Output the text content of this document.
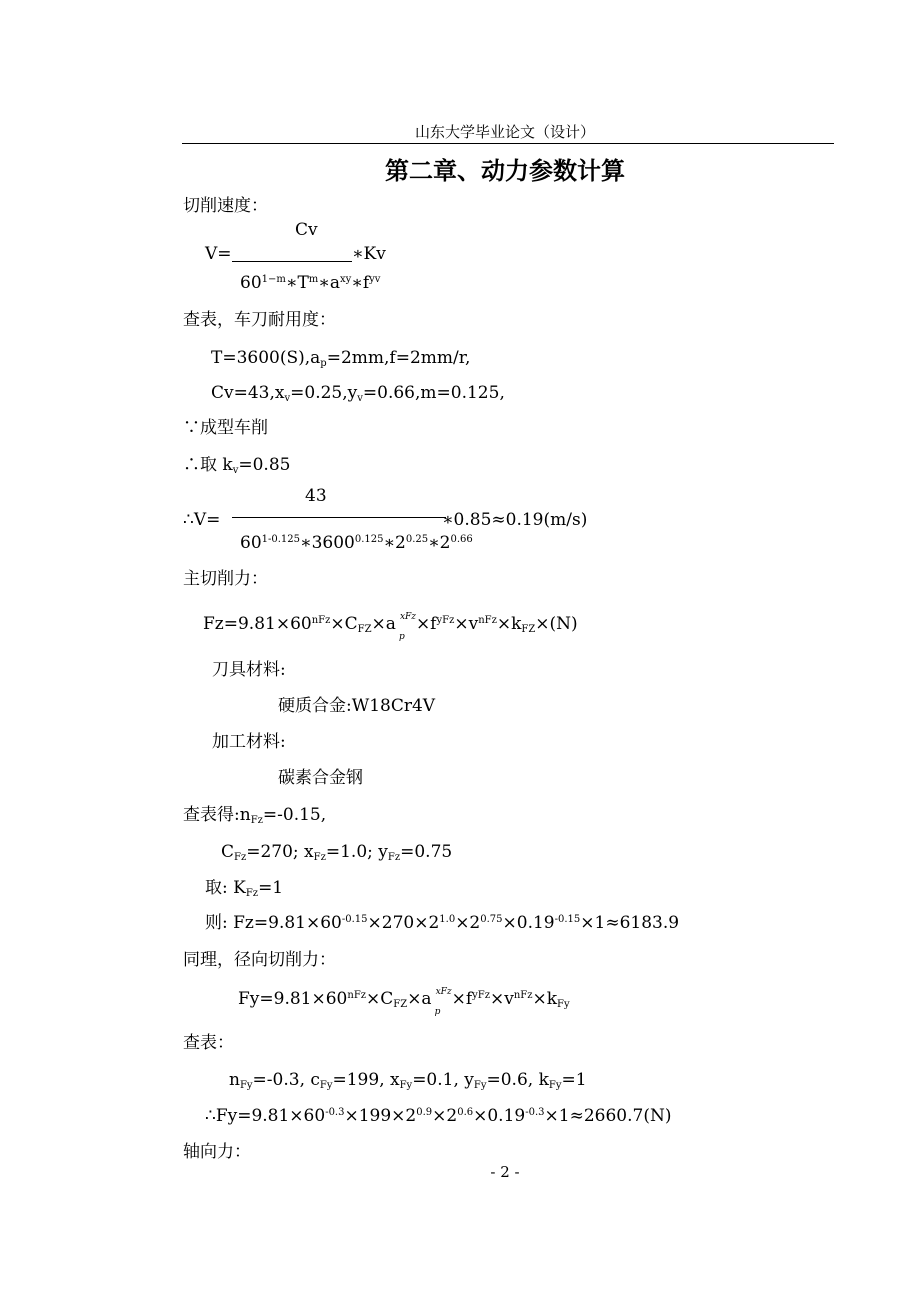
山东大学毕业论文（设计）
第二章、动力参数计算
切削速度：
Cv
V=	∗Kv
$60^{1-m}∗T^m∗a^{xy}∗f^{yv}$
查表，车刀耐用度：
$T=3600(S),a_p=2mm,f=2mm/r$,
$Cv=43,x_v=0.25,y_v=0.66,m=0.125$,
∵成型车削
∴取 $k_v=0.85$
43
∴V=	∗0.85≈0.19(m/s)
$60^{1-0.125}∗3600^{0.125}∗2^{0.25}∗2^{0.66}$
主切削力：
$Fz=9.81\times 60^{nFz}\times C_{FZ}\times a$ xFz
p
$\times f^{yFz}\times v^{nFz}\times k_{FZ}\times(N)$
刀具材料:
硬质合金:W18Cr4V
加工材料:
碳素合金钢
查表得$:n_{Fz}=-0.15$,
$C_{Fz}=270$; $x_{Fz}=1.0$; $y_{Fz}=0.75$
取: $K_{Fz}=1$
则: $Fz=9.81\times 60^{-0.15}\times 270\times 2^{1.0}\times 2^{0.75}\times 0.19^{-0.15}\times 1\approx 6183.9$
同理，径向切削力：
$Fy=9.81\times 60^{nFz}\times C_{FZ}\times a$ xFz
p
$\times f^{yFz}\times v^{nFz}\times k_{Fy}$
查表：
$n_{Fy}=-0.3$, $c_{Fy}=199$, $x_{Fy}=0.1$, $y_{Fy}=0.6$, $k_{Fy}=1$
$\therefore Fy=9.81\times 60^{-0.3}\times 199\times 2^{0.9}\times 2^{0.6}\times 0.19^{-0.3}\times 1\approx 2660.7(N)$
轴向力：
- 2 -
